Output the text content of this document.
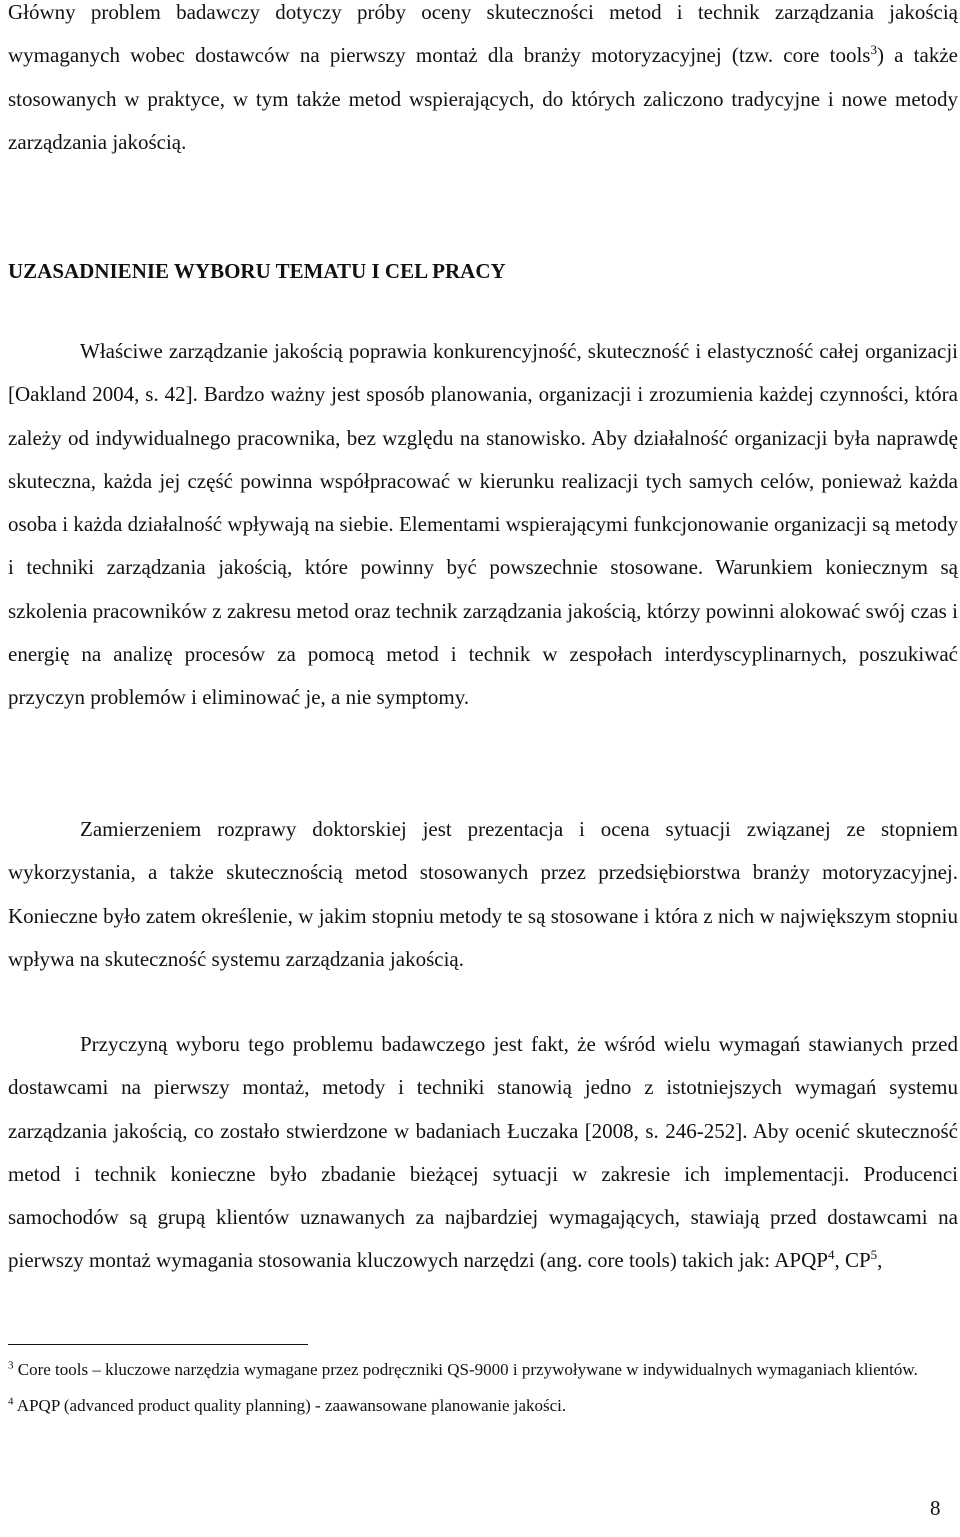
Główny problem badawczy dotyczy próby oceny skuteczności metod i technik zarządzania jakością wymaganych wobec dostawców na pierwszy montaż dla branży motoryzacyjnej (tzw. core tools$^3$) a także stosowanych w praktyce, w tym także metod wspierających, do których zaliczono tradycyjne i nowe metody zarządzania jakością.

UZASADNIENIE WYBORU TEMATU I CEL PRACY

Właściwe zarządzanie jakością poprawia konkurencyjność, skuteczność i elastyczność całej organizacji [Oakland 2004, s. 42]. Bardzo ważny jest sposób planowania, organizacji i zrozumienia każdej czynności, która zależy od indywidualnego pracownika, bez względu na stanowisko. Aby działalność organizacji była naprawdę skuteczna, każda jej część powinna współpracować w kierunku realizacji tych samych celów, ponieważ każda osoba i każda działalność wpływają na siebie. Elementami wspierającymi funkcjonowanie organizacji są metody i techniki zarządzania jakością, które powinny być powszechnie stosowane. Warunkiem koniecznym są szkolenia pracowników z zakresu metod oraz technik zarządzania jakością, którzy powinni alokować swój czas i energię na analizę procesów za pomocą metod i technik w zespołach interdyscyplinarnych, poszukiwać przyczyn problemów i eliminować je, a nie symptomy.

Zamierzeniem rozprawy doktorskiej jest prezentacja i ocena sytuacji związanej ze stopniem wykorzystania, a także skutecznością metod stosowanych przez przedsiębiorstwa branży motoryzacyjnej. Konieczne było zatem określenie, w jakim stopniu metody te są stosowane i która z nich w największym stopniu wpływa na skuteczność systemu zarządzania jakością.

Przyczyną wyboru tego problemu badawczego jest fakt, że wśród wielu wymagań stawianych przed dostawcami na pierwszy montaż, metody i techniki stanowią jedno z istotniejszych wymagań systemu zarządzania jakością, co zostało stwierdzone w badaniach Łuczaka [2008, s. 246-252]. Aby ocenić skuteczność metod i technik konieczne było zbadanie bieżącej sytuacji w zakresie ich implementacji. Producenci samochodów są grupą klientów uznawanych za najbardziej wymagających, stawiają przed dostawcami na pierwszy montaż wymagania stosowania kluczowych narzędzi (ang. core tools) takich jak: APQP$^4$, $CP^5$,

$^3$ Core tools – kluczowe narzędzia wymagane przez podręczniki QS-9000 i przywoływane w indywidualnych wymaganiach klientów.

$^4$ APQP (advanced product quality planning) - zaawansowane planowanie jakości.

8
